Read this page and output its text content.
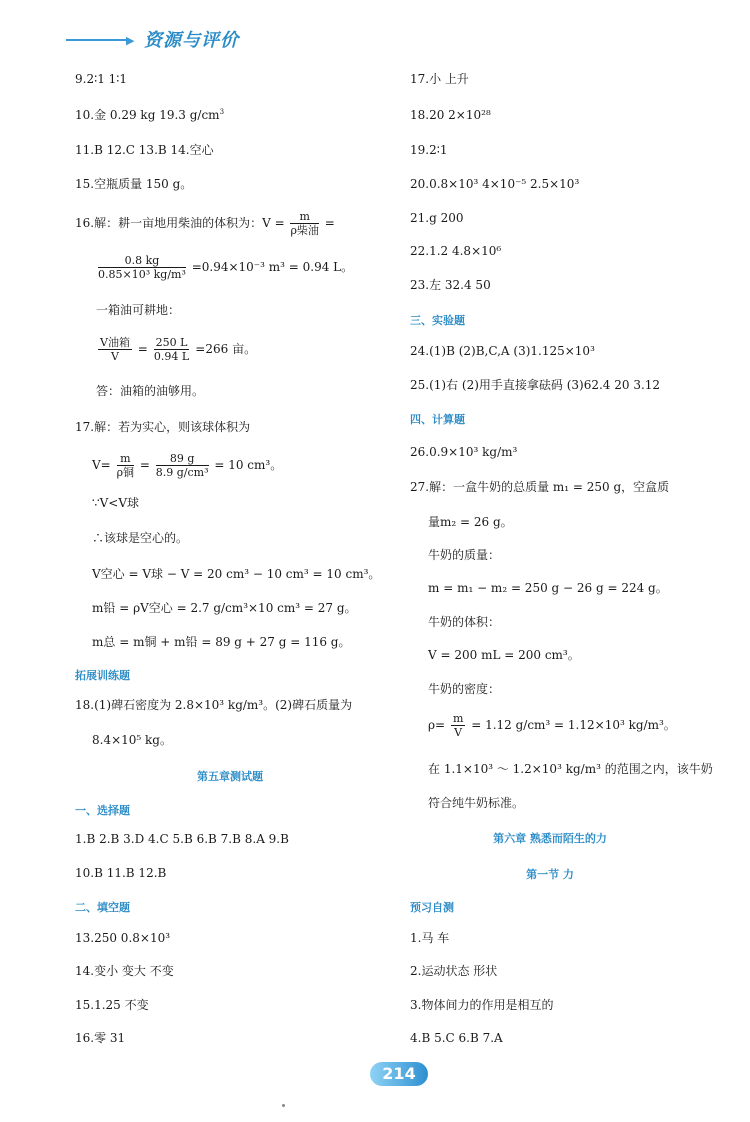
▶ 资源与评价
9.2∶1 1∶1
10.金 0.29 kg 19.3 $g/cm^3$
11.B 12.C 13.B 14.空心
15.空瓶质量 150 g。
16.解：耕一亩地用柴油的体积为：$V = \frac{m}{\text{ρ柴油}}$ =
$\frac{0.8 kg}{\text{0.85×10³ kg/m³}} =0.94\times 10^{-3}$ m³ = 0.94 L。
一箱油可耕地：
$\frac{\text{V油箱}}{V} = \frac{250 L}{0.94 L} =266$ 亩。
答：油箱的油够用。
17.解：若为实心，则该球体积为
$V= \frac{m}{\text{ρ铜}} = \frac{89 g}{\text{8.9 g/cm³}} = 10$ cm³。
∵V<V球
∴该球是空心的。
V空心 = V球 − V = 20 cm³ − 10 cm³ = 10 cm³。
m铅 = ρV空心 = 2.7 g/cm³×10 cm³ = 27 g。
m总 = m铜 + m铅 = 89 g + 27 g = 116 g。
拓展训练题
18.(1)碑石密度为 2.8×10³ kg/m³。(2)碑石质量为
8.4×10⁵ kg。
第五章测试题
一、选择题
1.B 2.B 3.D 4.C 5.B 6.B 7.B 8.A 9.B
10.B 11.B 12.B
二、填空题
13.250 0.8×10³
14.变小 变大 不变
15.1.25 不变
16.零 31
17.小 上升
18.20 2×10²⁸
19.2∶1
20.0.8×10³ 4×10⁻⁵ 2.5×10³
21.g 200
22.1.2 4.8×10⁶
23.左 32.4 50
三、实验题
24.(1)B (2)B,C,A (3)1.125×10³
25.(1)右 (2)用手直接拿砝码 (3)62.4 20 3.12
四、计算题
26.0.9×10³ kg/m³
27.解：一盒牛奶的总质量 m₁ = 250 g，空盒质
量m₂ = 26 g。
牛奶的质量：
m = m₁ − m₂ = 250 g − 26 g = 224 g。
牛奶的体积：
V = 200 mL = 200 cm³。
牛奶的密度：
$\rho= \frac{m}{V} = 1.12$ g/cm³ = 1.12×10³ kg/m³。
在 1.1×10³ ～ 1.2×10³ kg/m³ 的范围之内，该牛奶
符合纯牛奶标准。
第六章 熟悉而陌生的力
第一节 力
预习自测
1.马 车
2.运动状态 形状
3.物体间力的作用是相互的
4.B 5.C 6.B 7.A
214
